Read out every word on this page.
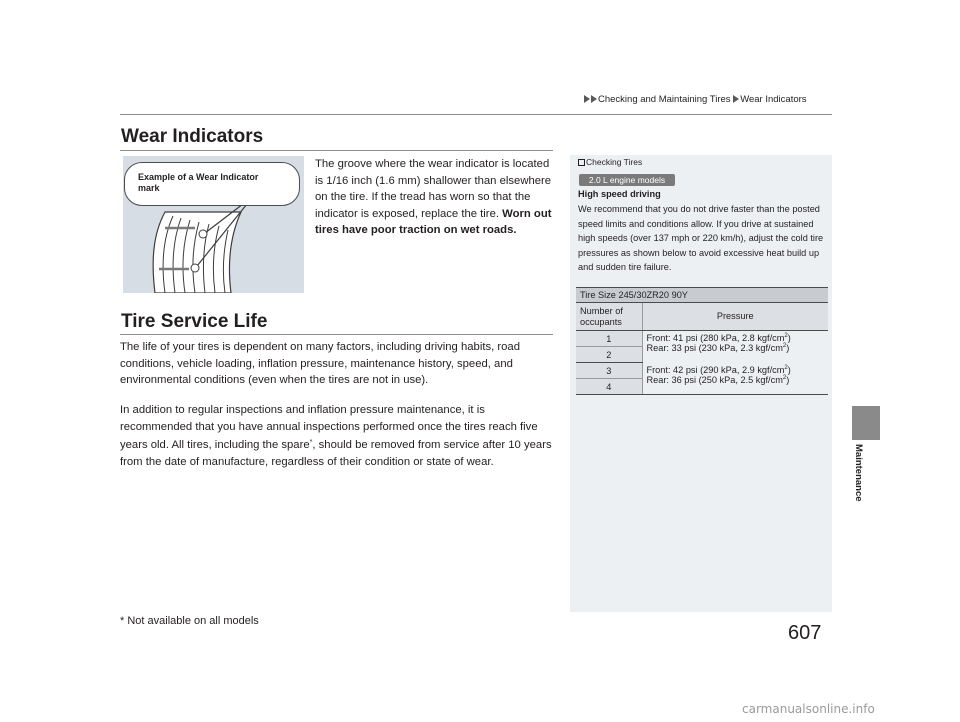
Checking and Maintaining Tires Wear Indicators
Wear Indicators
Example of a Wear Indicator mark
The groove where the wear indicator is located is 1/16 inch (1.6 mm) shallower than elsewhere on the tire. If the tread has worn so that the indicator is exposed, replace the tire. Worn out tires have poor traction on wet roads.
Tire Service Life
The life of your tires is dependent on many factors, including driving habits, road conditions, vehicle loading, inflation pressure, maintenance history, speed, and environmental conditions (even when the tires are not in use).
In addition to regular inspections and inflation pressure maintenance, it is recommended that you have annual inspections performed once the tires reach five years old. All tires, including the spare*, should be removed from service after 10 years from the date of manufacture, regardless of their condition or state of wear.
Checking Tires
2.0 L engine models
High speed driving
We recommend that you do not drive faster than the posted speed limits and conditions allow. If you drive at sustained high speeds (over 137 mph or 220 km/h), adjust the cold tire pressures as shown below to avoid excessive heat build up and sudden tire failure.
Tire Size 245/30ZR20 90Y	
Number of occupants	Pressure
1	Front: 41 psi (280 kPa, 2.8 kgf/$cm^2$)
Rear: 33 psi (230 kPa, 2.3 kgf/$cm^2$)
2	
3	Front: 42 psi (290 kPa, 2.9 kgf/$cm^2$)
Rear: 36 psi (250 kPa, 2.5 kgf/$cm^2$)
4	
Maintenance
* Not available on all models
607
carmanualsonline.info
